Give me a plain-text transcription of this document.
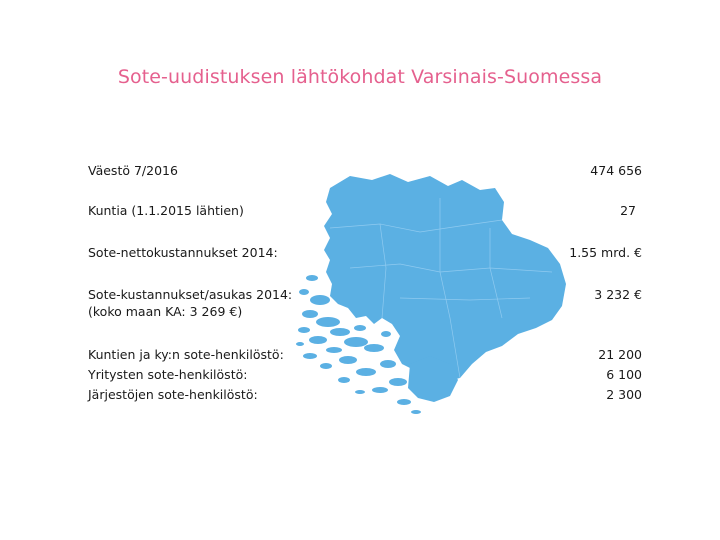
Sote-uudistuksen lähtökohdat Varsinais-Suomessa
Väestö 7/2016	474 656
Kuntia (1.1.2015 lähtien)	27
Sote-nettokustannukset 2014:	1.55 mrd. €
Sote-kustannukset/asukas 2014:	3 232 €
(koko maan KA: 3 269 €)
Kuntien ja ky:n sote-henkilöstö:	21 200
Yritysten sote-henkilöstö:	6 100
Järjestöjen sote-henkilöstö:	2 300
